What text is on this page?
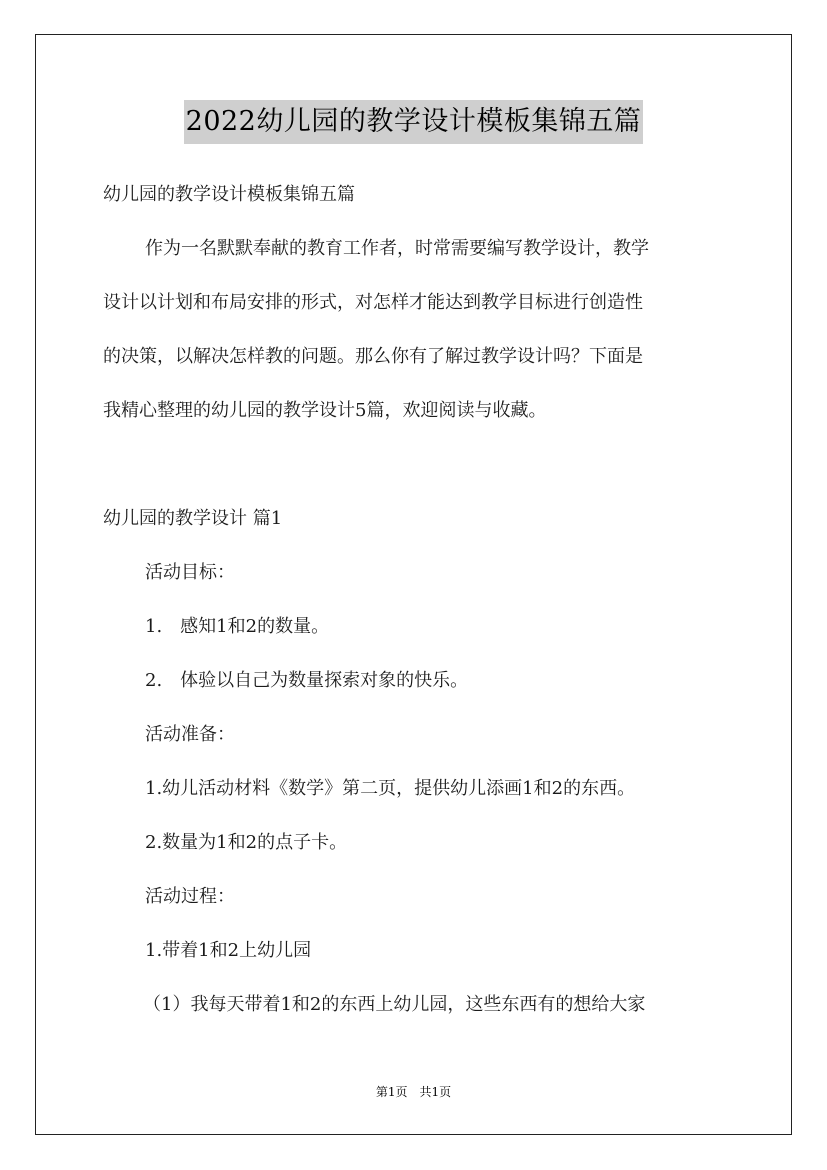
2022幼儿园的教学设计模板集锦五篇
幼儿园的教学设计模板集锦五篇
作为一名默默奉献的教育工作者，时常需要编写教学设计，教学
设计以计划和布局安排的形式，对怎样才能达到教学目标进行创造性
的决策，以解决怎样教的问题。那么你有了解过教学设计吗？下面是
我精心整理的幼儿园的教学设计5篇，欢迎阅读与收藏。
幼儿园的教学设计 篇1
活动目标：
1.　感知1和2的数量。
2.　体验以自己为数量探索对象的快乐。
活动准备：
1.幼儿活动材料《数学》第二页，提供幼儿添画1和2的东西。
2.数量为1和2的点子卡。
活动过程：
1.带着1和2上幼儿园
（1）我每天带着1和2的东西上幼儿园，这些东西有的想给大家
第1页　共1页
